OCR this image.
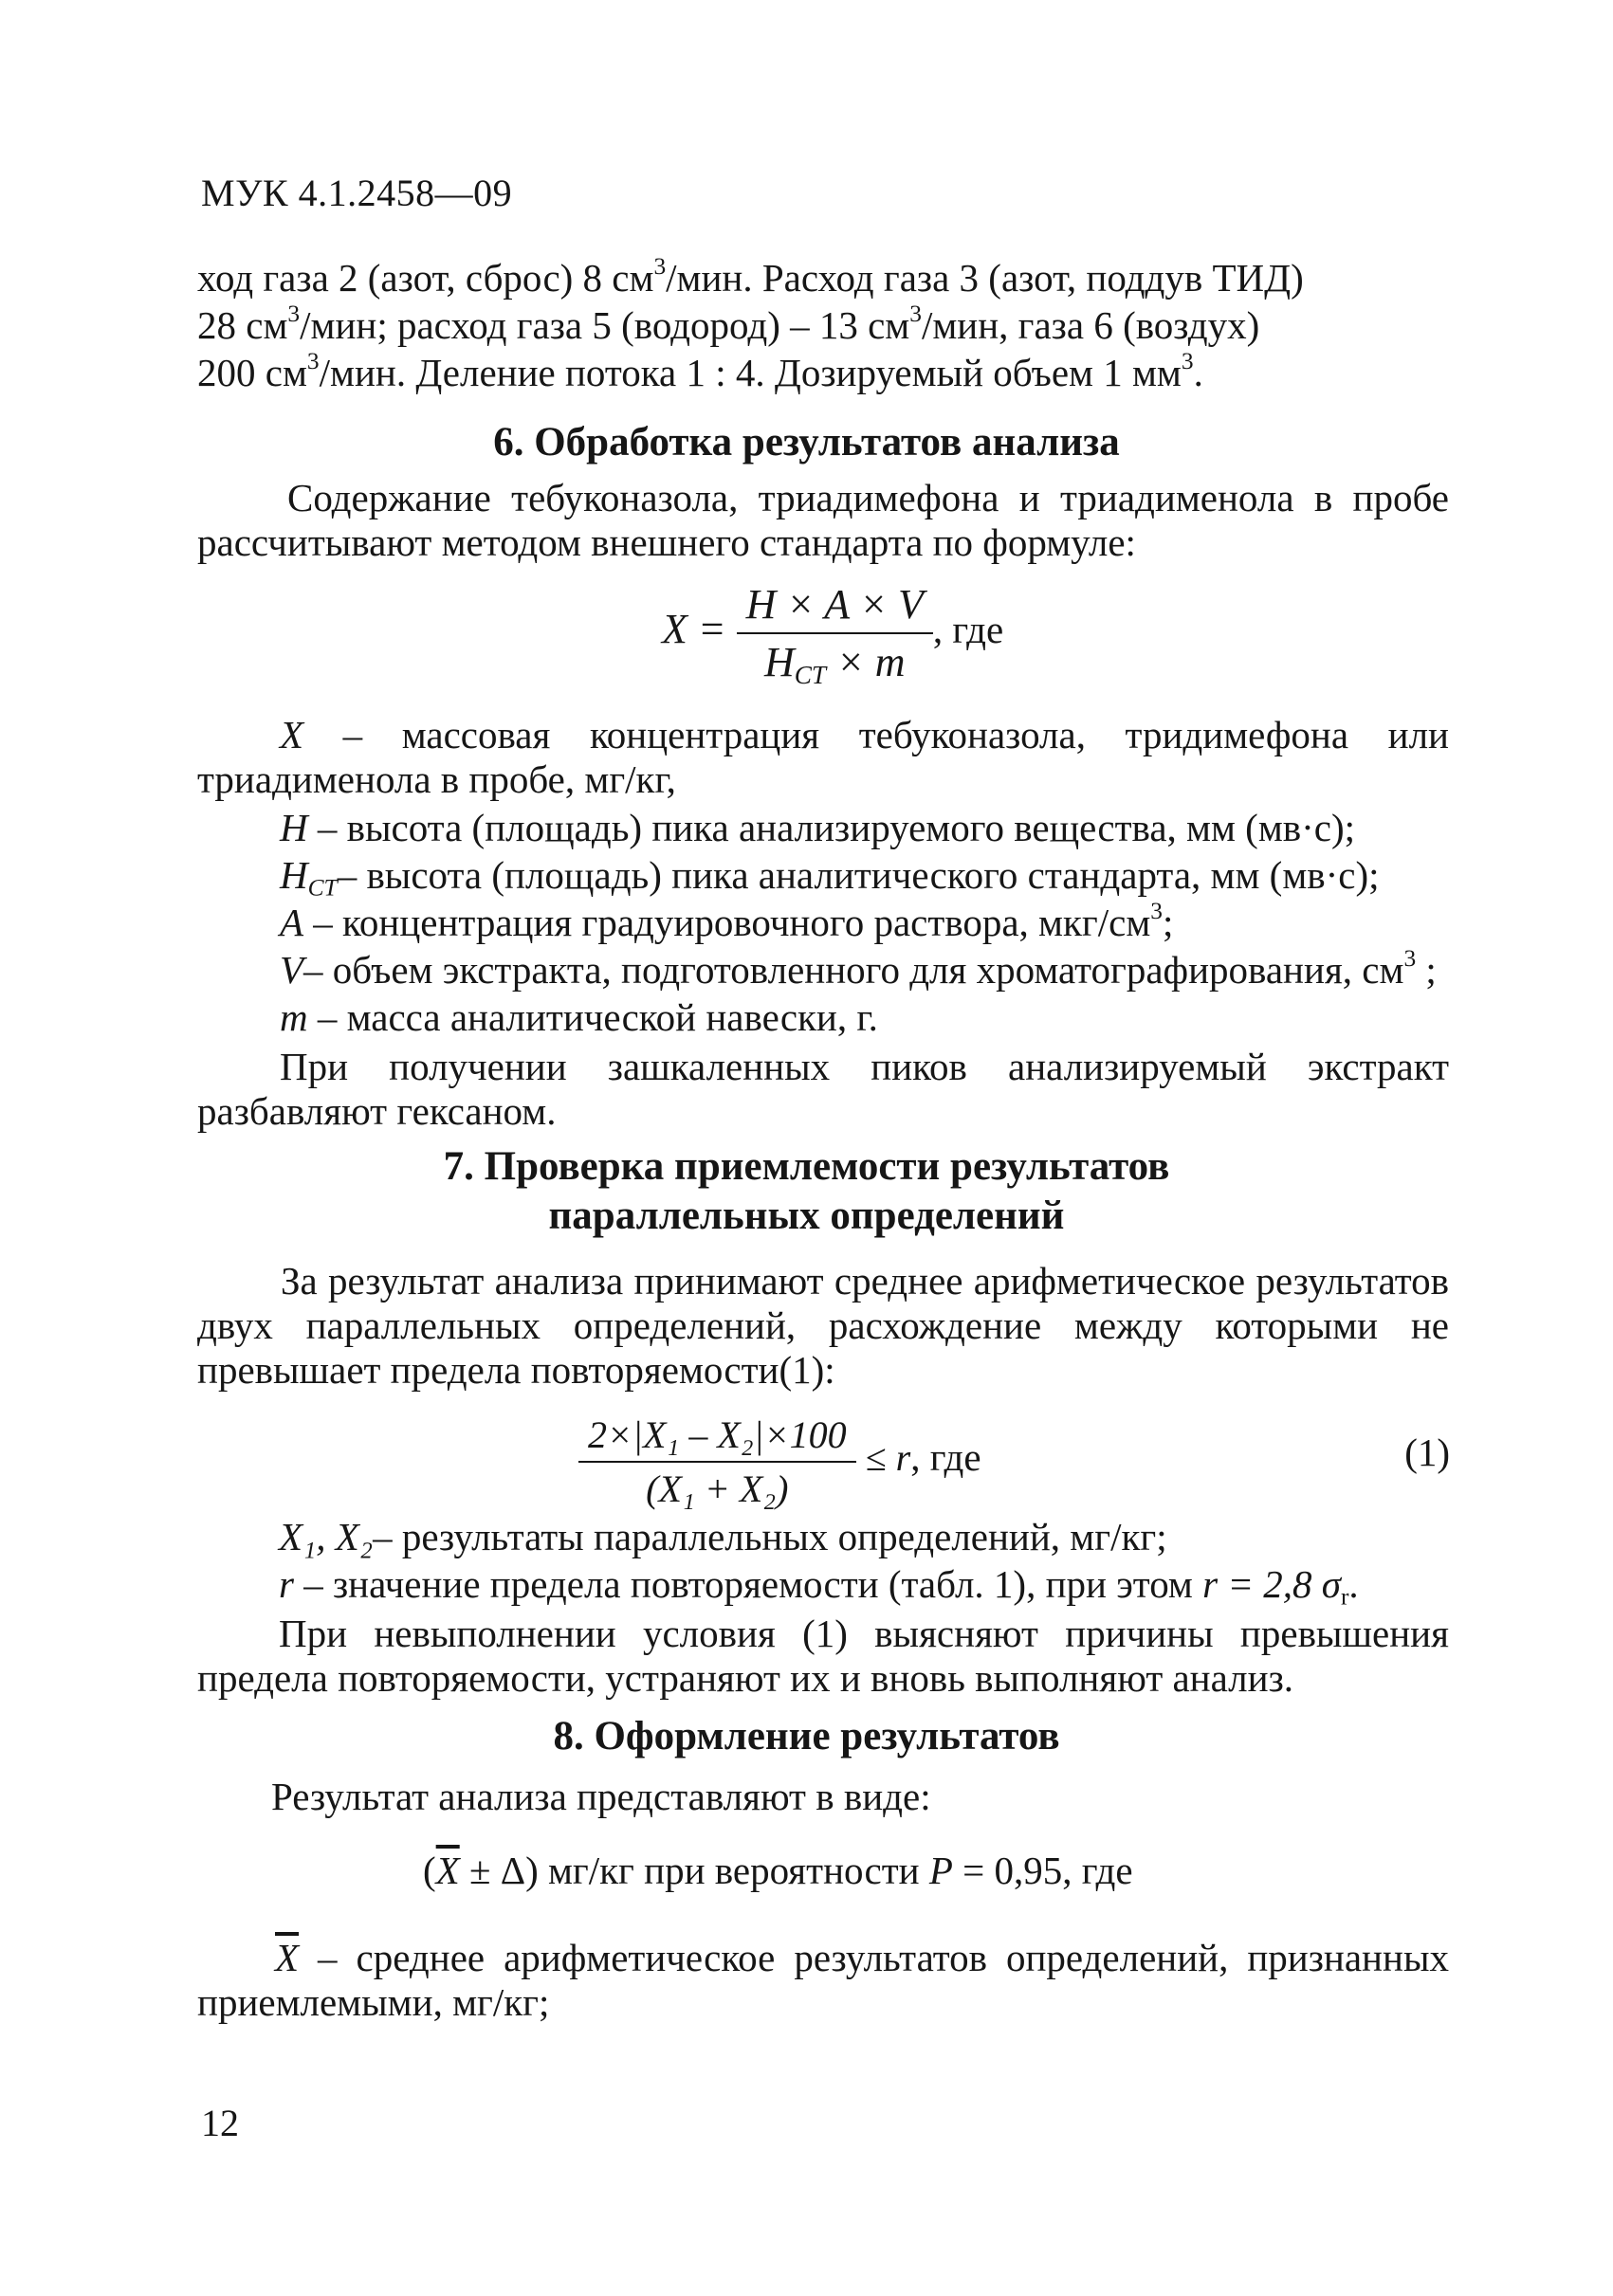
МУК 4.1.2458—09
ход газа 2 (азот, сброс) 8 $см^3$/мин. Расход газа 3 (азот, поддув ТИД)
28 $см^3$/мин; расход газа 5 (водород) – 13 $см^3$/мин, газа 6 (воздух)
200 $см^3$/мин. Деление потока 1 : 4. Дозируемый объем 1 $мм^3$.
6. Обработка результатов анализа
Содержание тебуконазола, триадимефона и триадименола в пробе рассчитывают методом внешнего стандарта по формуле:
$X = \frac{H \times A \times V}{H_{CT} \times m}$ , где
X – массовая концентрация тебуконазола, тридимефона или триадименола в пробе, мг/кг,
H – высота (площадь) пика анализируемого вещества, мм (мв·с);
$H_{CT}-$ высота (площадь) пика аналитического стандарта, мм (мв·с);
A – концентрация градуировочного раствора, мкг/$см^3$;
V– объем экстракта, подготовленного для хроматографирования, $см^3$ ;
m – масса аналитической навески, г.
При получении зашкаленных пиков анализируемый экстракт разбавляют гексаном.
7. Проверка приемлемости результатов
параллельных определений
За результат анализа принимают среднее арифметическое результатов двух параллельных определений, расхождение между которыми не превышает предела повторяемости(1):
$\frac{\text{2×|X₁ – X₂|×100}}{\text{(X₁ + X₂)}} \le r$, где	(1)
X₁, X₂– результаты параллельных определений, мг/кг;
r – значение предела повторяемости (табл. 1), при этом r = 2,8 $\sigma_r$.
При невыполнении условия (1) выясняют причины превышения предела повторяемости, устраняют их и вновь выполняют анализ.
8. Оформление результатов
Результат анализа представляют в виде:
$(\overline{X} \pm \Delta)$ мг/кг при вероятности P = 0,95, где
$\overline{X}$ – среднее арифметическое результатов определений, признанных приемлемыми, мг/кг;
12
